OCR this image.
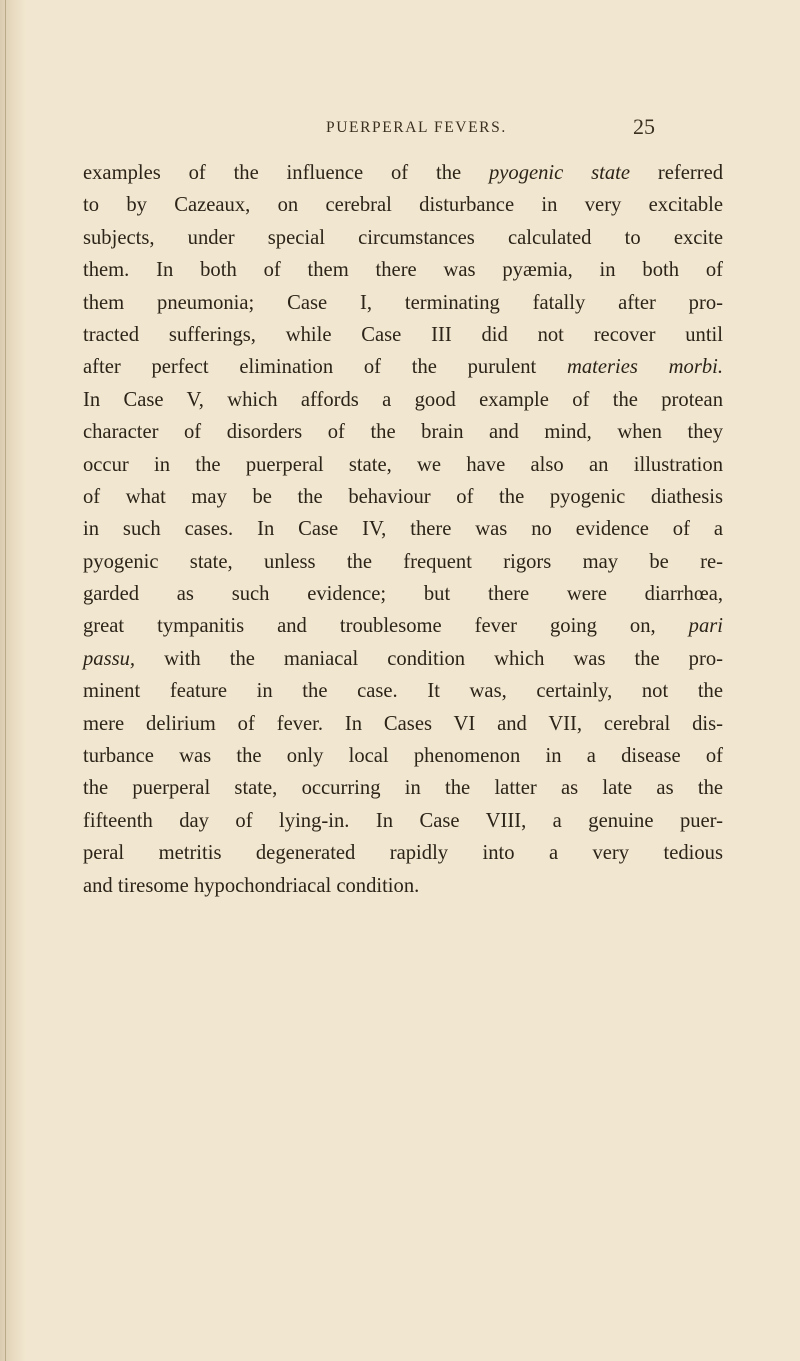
PUERPERAL FEVERS.	25
examples of the influence of the pyogenic state referred
to by Cazeaux, on cerebral disturbance in very excitable
subjects, under special circumstances calculated to excite
them. In both of them there was pyæmia, in both of
them pneumonia; Case I, terminating fatally after pro-
tracted sufferings, while Case III did not recover until
after perfect elimination of the purulent materies morbi.
In Case V, which affords a good example of the protean
character of disorders of the brain and mind, when they
occur in the puerperal state, we have also an illustration
of what may be the behaviour of the pyogenic diathesis
in such cases. In Case IV, there was no evidence of a
pyogenic state, unless the frequent rigors may be re-
garded as such evidence; but there were diarrhœa,
great tympanitis and troublesome fever going on, pari
passu, with the maniacal condition which was the pro-
minent feature in the case. It was, certainly, not the
mere delirium of fever. In Cases VI and VII, cerebral dis-
turbance was the only local phenomenon in a disease of
the puerperal state, occurring in the latter as late as the
fifteenth day of lying-in. In Case VIII, a genuine puer-
peral metritis degenerated rapidly into a very tedious
and tiresome hypochondriacal condition.
